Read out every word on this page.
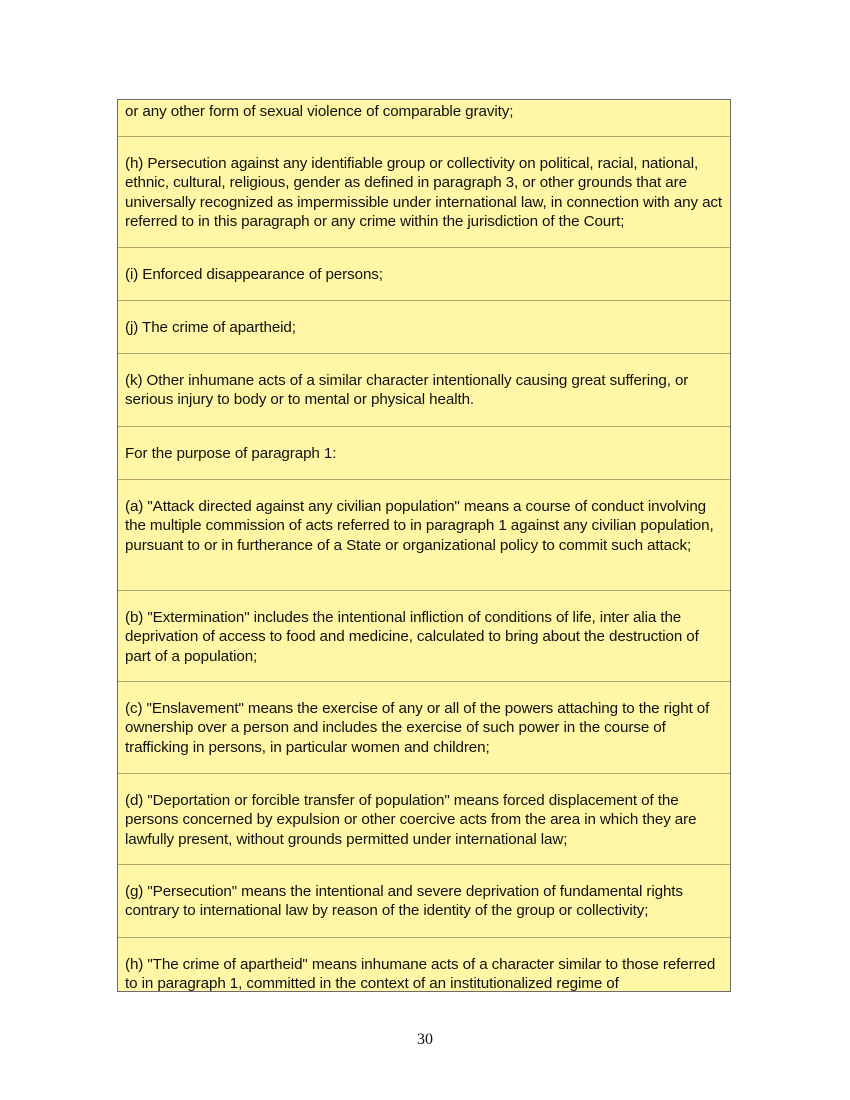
or any other form of sexual violence of comparable gravity;
(h) Persecution against any identifiable group or collectivity on political, racial, national, ethnic, cultural, religious, gender as defined in paragraph 3, or other grounds that are universally recognized as impermissible under international law, in connection with any act referred to in this paragraph or any crime within the jurisdiction of the Court;
(i) Enforced disappearance of persons;
(j) The crime of apartheid;
(k) Other inhumane acts of a similar character intentionally causing great suffering, or serious injury to body or to mental or physical health.
For the purpose of paragraph 1:
(a) "Attack directed against any civilian population" means a course of conduct involving the multiple commission of acts referred to in paragraph 1 against any civilian population, pursuant to or in furtherance of a State or organizational policy to commit such attack;
(b) "Extermination" includes the intentional infliction of conditions of life, inter alia the deprivation of access to food and medicine, calculated to bring about the destruction of part of a population;
(c) "Enslavement" means the exercise of any or all of the powers attaching to the right of ownership over a person and includes the exercise of such power in the course of trafficking in persons, in particular women and children;
(d) "Deportation or forcible transfer of population" means forced displacement of the persons concerned by expulsion or other coercive acts from the area in which they are lawfully present, without grounds permitted under international law;
(g) "Persecution" means the intentional and severe deprivation of fundamental rights contrary to international law by reason of the identity of the group or collectivity;
(h) "The crime of apartheid" means inhumane acts of a character similar to those referred to in paragraph 1, committed in the context of an institutionalized regime of
30
